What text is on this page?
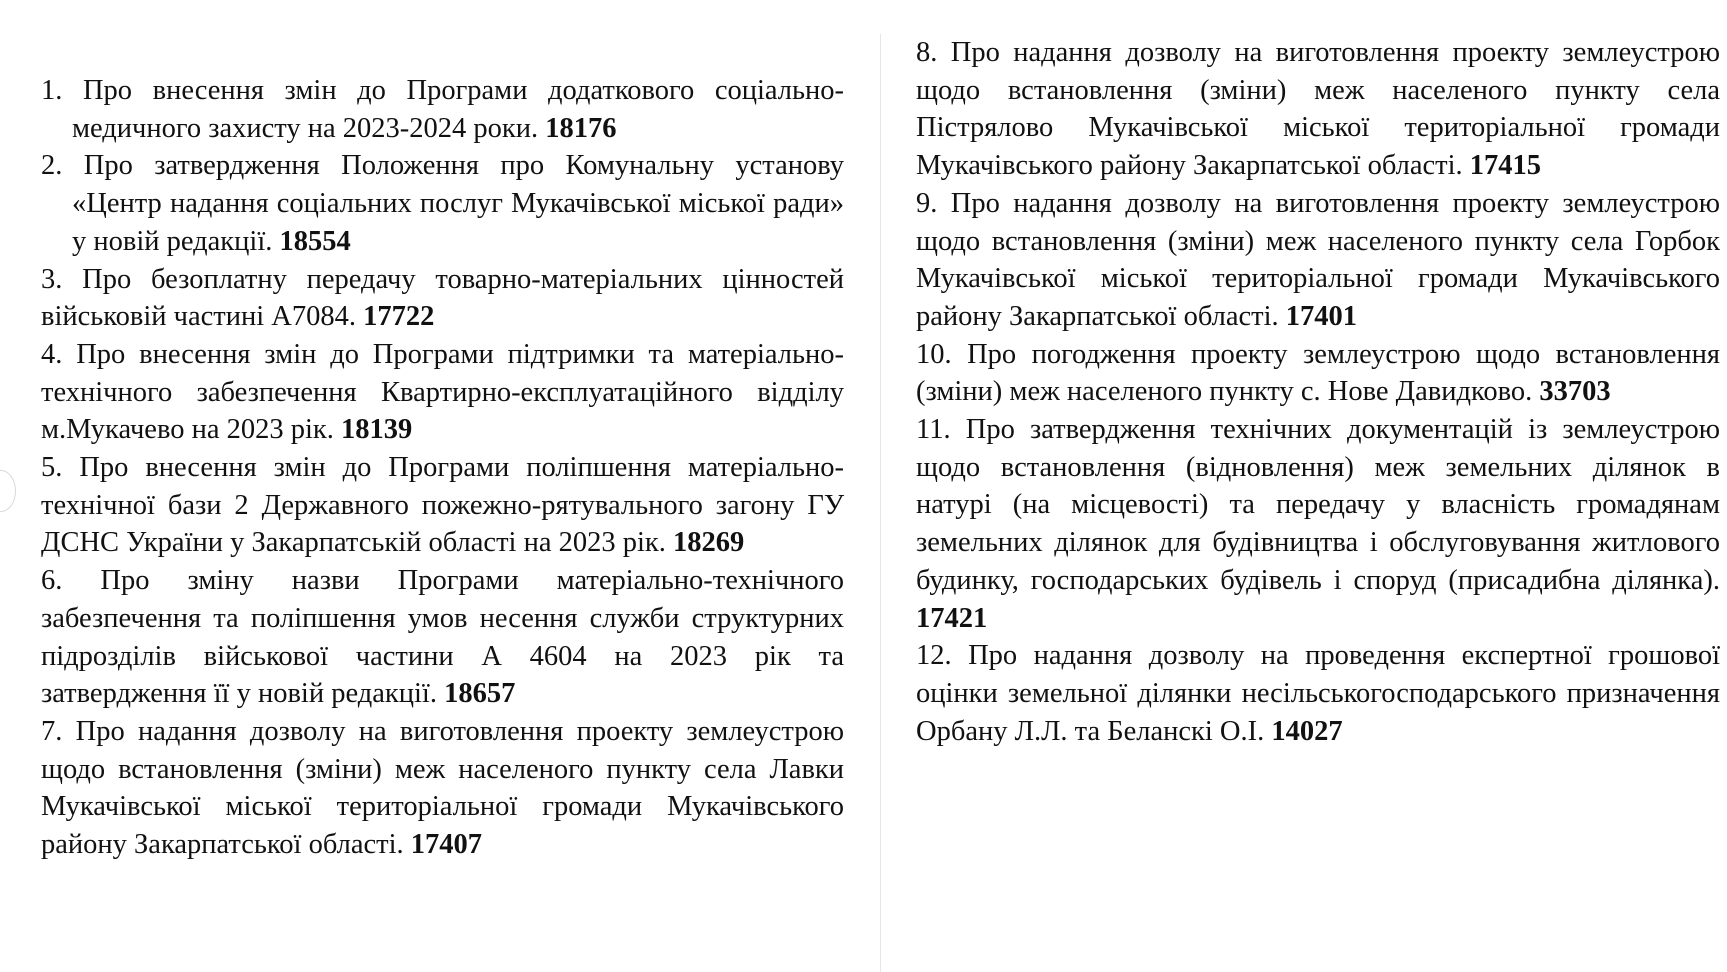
1. Про внесення змін до Програми додаткового соціально-медичного захисту на 2023-2024 роки. 18176

2. Про затвердження Положення про Комунальну установу «Центр надання соціальних послуг Мукачівської міської ради» у новій редакції. 18554

3. Про безоплатну передачу товарно-матеріальних цінностей військовій частині А7084. 17722

4. Про внесення змін до Програми підтримки та матеріально-технічного забезпечення Квартирно-експлуатаційного відділу м.Мукачево на 2023 рік. 18139

5. Про внесення змін до Програми поліпшення матеріально-технічної бази 2 Державного пожежно-рятувального загону ГУ ДСНС України у Закарпатській області на 2023 рік. 18269

6. Про зміну назви Програми матеріально-технічного забезпечення та поліпшення умов несення служби структурних підрозділів військової частини А 4604 на 2023 рік та затвердження її у новій редакції. 18657

7. Про надання дозволу на виготовлення проекту землеустрою щодо встановлення (зміни) меж населеного пункту села Лавки Мукачівської міської територіальної громади Мукачівського району Закарпатської області. 17407

8. Про надання дозволу на виготовлення проекту землеустрою щодо встановлення (зміни) меж населеного пункту села Пістрялово Мукачівської міської територіальної громади Мукачівського району Закарпатської області. 17415

9. Про надання дозволу на виготовлення проекту землеустрою щодо встановлення (зміни) меж населеного пункту села Горбок Мукачівської міської територіальної громади Мукачівського району Закарпатської області. 17401

10. Про погодження проекту землеустрою щодо встановлення (зміни) меж населеного пункту с. Нове Давидково. 33703

11. Про затвердження технічних документацій із землеустрою щодо встановлення (відновлення) меж земельних ділянок в натурі (на місцевості) та передачу у власність громадянам земельних ділянок для будівництва і обслуговування житлового будинку, господарських будівель і споруд (присадибна ділянка). 17421

12. Про надання дозволу на проведення експертної грошової оцінки земельної ділянки несільськогосподарського призначення Орбану Л.Л. та Беланскі О.І. 14027
